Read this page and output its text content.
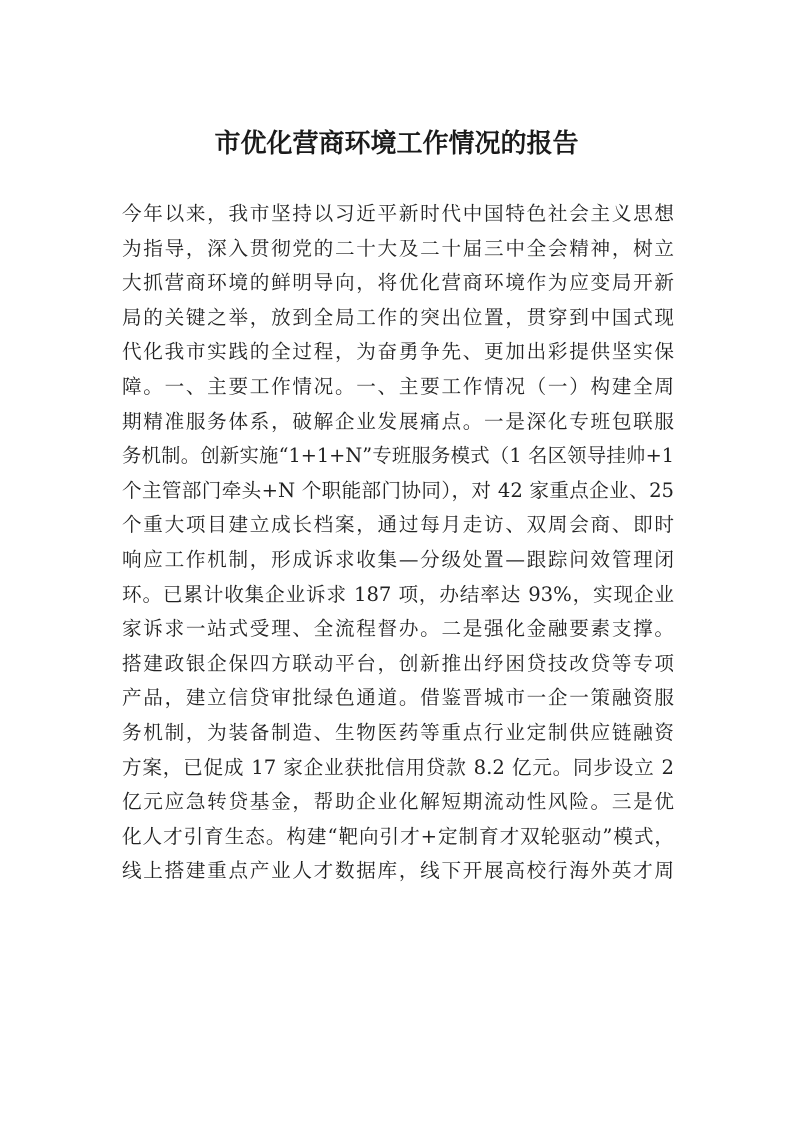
市优化营商环境工作情况的报告
今年以来，我市坚持以习近平新时代中国特色社会主义思想
为指导，深入贯彻党的二十大及二十届三中全会精神，树立
大抓营商环境的鲜明导向，将优化营商环境作为应变局开新
局的关键之举，放到全局工作的突出位置，贯穿到中国式现
代化我市实践的全过程，为奋勇争先、更加出彩提供坚实保
障。一、主要工作情况。一、主要工作情况（一）构建全周
期精准服务体系，破解企业发展痛点。一是深化专班包联服
务机制。创新实施“1+1+N”专班服务模式（1 名区领导挂帅+1
个主管部门牵头+N 个职能部门协同），对 42 家重点企业、25
个重大项目建立成长档案，通过每月走访、双周会商、即时
响应工作机制，形成诉求收集—分级处置—跟踪问效管理闭
环。已累计收集企业诉求 187 项，办结率达 93%，实现企业
家诉求一站式受理、全流程督办。二是强化金融要素支撑。
搭建政银企保四方联动平台，创新推出纾困贷技改贷等专项
产品，建立信贷审批绿色通道。借鉴晋城市一企一策融资服
务机制，为装备制造、生物医药等重点行业定制供应链融资
方案，已促成 17 家企业获批信用贷款 8.2 亿元。同步设立 2
亿元应急转贷基金，帮助企业化解短期流动性风险。三是优
化人才引育生态。构建“靶向引才+定制育才双轮驱动”模式，
线上搭建重点产业人才数据库，线下开展高校行海外英才周
